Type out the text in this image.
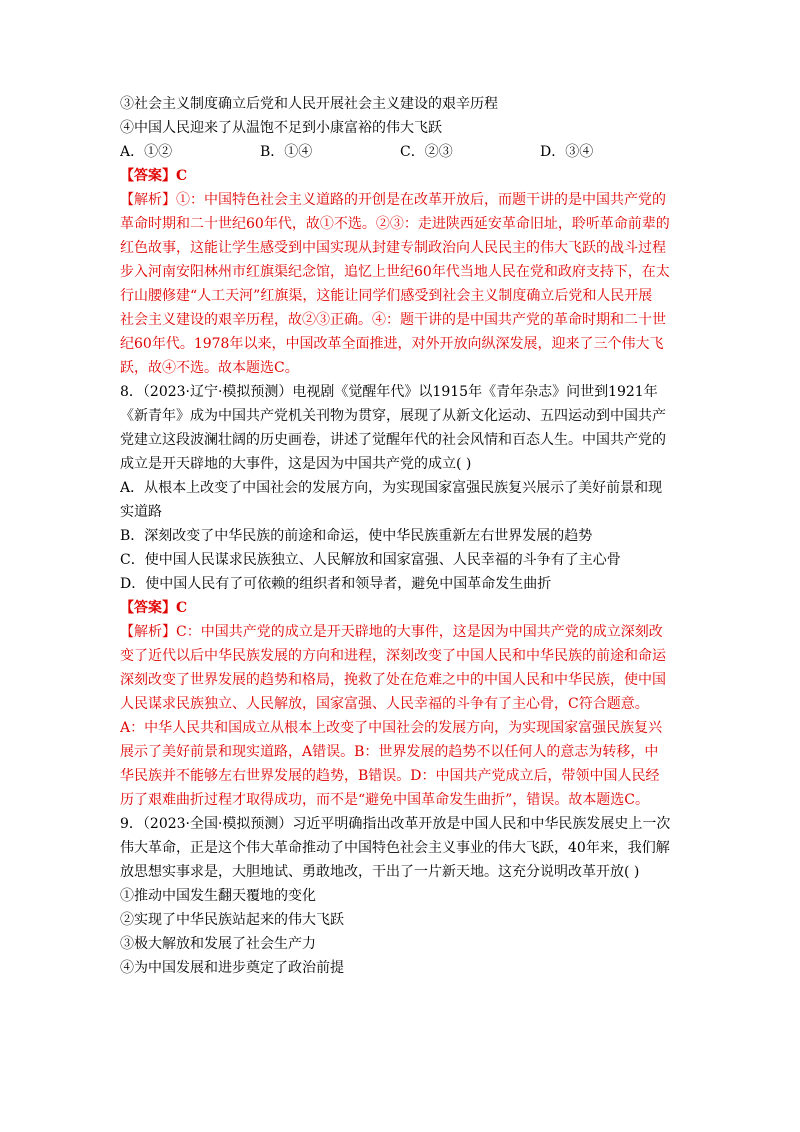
③社会主义制度确立后党和人民开展社会主义建设的艰辛历程
④中国人民迎来了从温饱不足到小康富裕的伟大飞跃
A．①②	B．①④	C．②③	D．③④
【答案】C
【解析】①：中国特色社会主义道路的开创是在改革开放后，而题干讲的是中国共产党的
革命时期和二十世纪60年代，故①不选。②③：走进陕西延安革命旧址，聆听革命前辈的
红色故事，这能让学生感受到中国实现从封建专制政治向人民民主的伟大飞跃的战斗过程
步入河南安阳林州市红旗渠纪念馆，追忆上世纪60年代当地人民在党和政府支持下，在太
行山腰修建“人工天河”红旗渠，这能让同学们感受到社会主义制度确立后党和人民开展
社会主义建设的艰辛历程，故②③正确。④：题干讲的是中国共产党的革命时期和二十世
纪60年代。1978年以来，中国改革全面推进，对外开放向纵深发展，迎来了三个伟大飞
跃，故④不选。故本题选C。
8．（2023·辽宁·模拟预测）电视剧《觉醒年代》以1915年《青年杂志》问世到1921年
《新青年》成为中国共产党机关刊物为贯穿，展现了从新文化运动、五四运动到中国共产
党建立这段波澜壮阔的历史画卷，讲述了觉醒年代的社会风情和百态人生。中国共产党的
成立是开天辟地的大事件，这是因为中国共产党的成立( )
A．从根本上改变了中国社会的发展方向，为实现国家富强民族复兴展示了美好前景和现
实道路
B．深刻改变了中华民族的前途和命运，使中华民族重新左右世界发展的趋势
C．使中国人民谋求民族独立、人民解放和国家富强、人民幸福的斗争有了主心骨
D．使中国人民有了可依赖的组织者和领导者，避免中国革命发生曲折
【答案】C
【解析】C：中国共产党的成立是开天辟地的大事件，这是因为中国共产党的成立深刻改
变了近代以后中华民族发展的方向和进程，深刻改变了中国人民和中华民族的前途和命运
深刻改变了世界发展的趋势和格局，挽救了处在危难之中的中国人民和中华民族，使中国
人民谋求民族独立、人民解放，国家富强、人民幸福的斗争有了主心骨，C符合题意。
A：中华人民共和国成立从根本上改变了中国社会的发展方向，为实现国家富强民族复兴
展示了美好前景和现实道路，A错误。B：世界发展的趋势不以任何人的意志为转移，中
华民族并不能够左右世界发展的趋势，B错误。D：中国共产党成立后，带领中国人民经
历了艰难曲折过程才取得成功，而不是“避免中国革命发生曲折”，错误。故本题选C。
9．（2023·全国·模拟预测）习近平明确指出改革开放是中国人民和中华民族发展史上一次
伟大革命，正是这个伟大革命推动了中国特色社会主义事业的伟大飞跃，40年来，我们解
放思想实事求是，大胆地试、勇敢地改，干出了一片新天地。这充分说明改革开放( )
①推动中国发生翻天覆地的变化
②实现了中华民族站起来的伟大飞跃
③极大解放和发展了社会生产力
④为中国发展和进步奠定了政治前提
